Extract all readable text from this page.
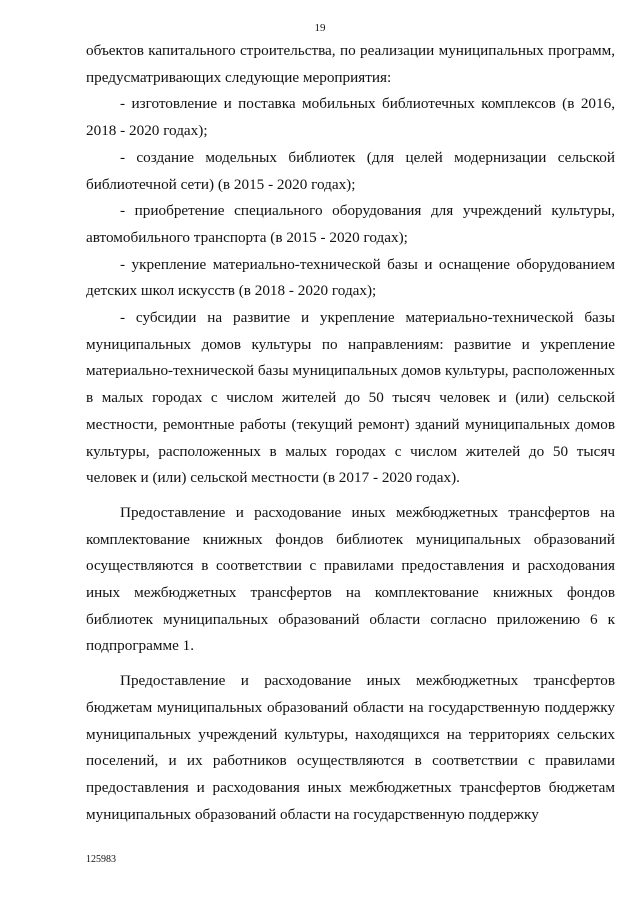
19

объектов капитального строительства, по реализации муниципальных программ, предусматривающих следующие мероприятия:

- изготовление и поставка мобильных библиотечных комплексов (в 2016, 2018 - 2020 годах);

- создание модельных библиотек (для целей модернизации сельской библиотечной сети) (в 2015 - 2020 годах);

- приобретение специального оборудования для учреждений культуры, автомобильного транспорта (в 2015 - 2020 годах);

- укрепление материально-технической базы и оснащение оборудованием детских школ искусств (в 2018 - 2020 годах);

- субсидии на развитие и укрепление материально-технической базы муниципальных домов культуры по направлениям: развитие и укрепление материально-технической базы муниципальных домов культуры, расположенных в малых городах с числом жителей до 50 тысяч человек и (или) сельской местности, ремонтные работы (текущий ремонт) зданий муниципальных домов культуры, расположенных в малых городах с числом жителей до 50 тысяч человек и (или) сельской местности (в 2017 - 2020 годах).

Предоставление и расходование иных межбюджетных трансфертов на комплектование книжных фондов библиотек муниципальных образований осуществляются в соответствии с правилами предоставления и расходования иных межбюджетных трансфертов на комплектование книжных фондов библиотек муниципальных образований области согласно приложению 6 к подпрограмме 1.

Предоставление и расходование иных межбюджетных трансфертов бюджетам муниципальных образований области на государственную поддержку муниципальных учреждений культуры, находящихся на территориях сельских поселений, и их работников осуществляются в соответствии с правилами предоставления и расходования иных межбюджетных трансфертов бюджетам муниципальных образований области на государственную поддержку

125983
